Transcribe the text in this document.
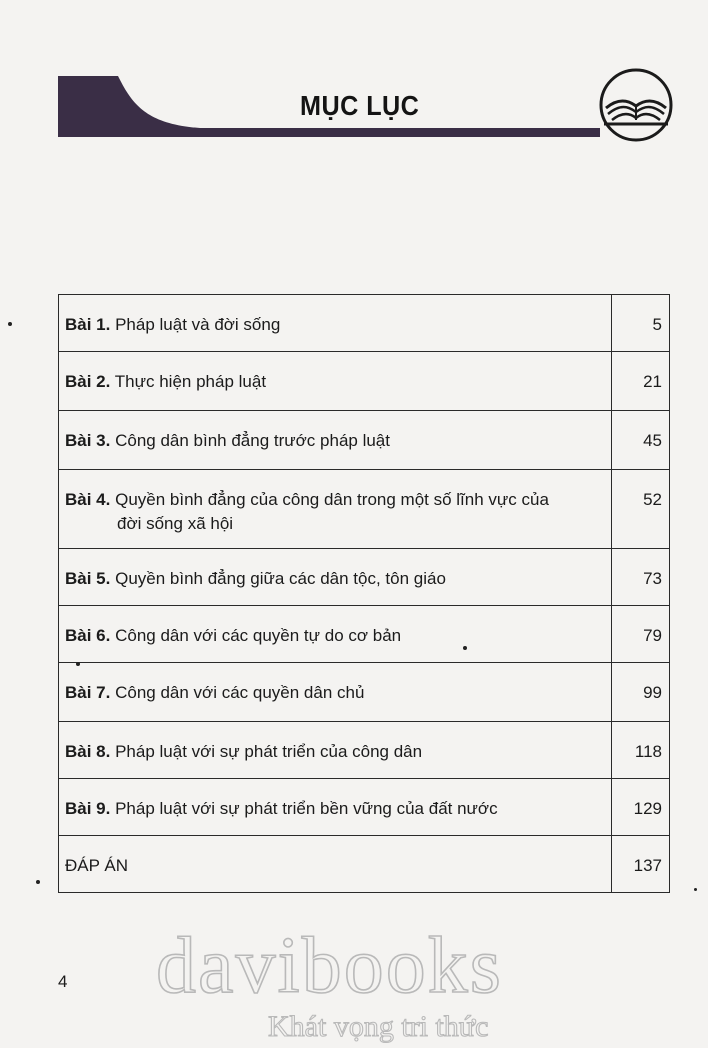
MỤC LỤC
Bài 1. Pháp luật và đời sống	5
Bài 2. Thực hiện pháp luật	21
Bài 3. Công dân bình đẳng trước pháp luật	45
Bài 4. Quyền bình đẳng của công dân trong một số lĩnh vực của
đời sống xã hội	52
Bài 5. Quyền bình đẳng giữa các dân tộc, tôn giáo	73
Bài 6. Công dân với các quyền tự do cơ bản	79
Bài 7. Công dân với các quyền dân chủ	99
Bài 8. Pháp luật với sự phát triển của công dân	118
Bài 9. Pháp luật với sự phát triển bền vững của đất nước	129
ĐÁP ÁN	137
4 davibooks
Khát vọng tri thức
